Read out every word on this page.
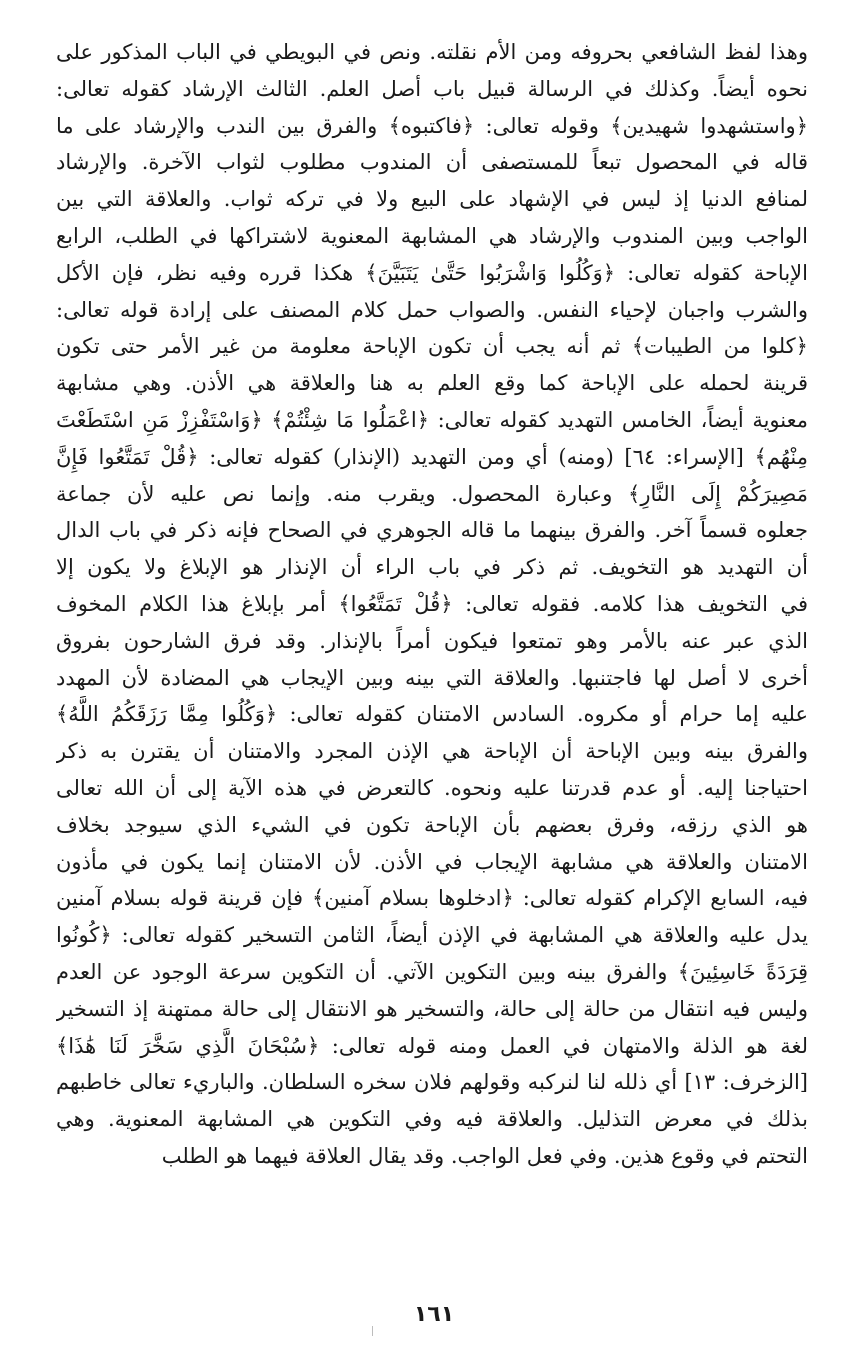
وهذا لفظ الشافعي بحروفه ومن الأم نقلته. ونص في البويطي في الباب المذكور على
نحوه أيضاً. وكذلك في الرسالة قبيل باب أصل العلم. الثالث الإرشاد كقوله تعالى:
﴿واستشهدوا شهيدين﴾ وقوله تعالى: ﴿فاكتبوه﴾ والفرق بين الندب والإرشاد على ما
قاله في المحصول تبعاً للمستصفى أن المندوب مطلوب لثواب الآخرة. والإرشاد
لمنافع الدنيا إذ ليس في الإشهاد على البيع ولا في تركه ثواب. والعلاقة التي بين
الواجب وبين المندوب والإرشاد هي المشابهة المعنوية لاشتراكها في الطلب، الرابع
الإباحة كقوله تعالى: ﴿وَكُلُوا وَاشْرَبُوا حَتَّىٰ يَتَبَيَّنَ﴾ هكذا قرره وفيه نظر، فإن الأكل
والشرب واجبان لإحياء النفس. والصواب حمل كلام المصنف على إرادة قوله تعالى:
﴿كلوا من الطيبات﴾ ثم أنه يجب أن تكون الإباحة معلومة من غير الأمر حتى تكون
قرينة لحمله على الإباحة كما وقع العلم به هنا والعلاقة هي الأذن. وهي مشابهة
معنوية أيضاً، الخامس التهديد كقوله تعالى: ﴿اعْمَلُوا مَا شِئْتُمْ﴾ ﴿وَاسْتَفْزِزْ مَنِ اسْتَطَعْتَ
مِنْهُم﴾ [الإسراء: ٦٤] (ومنه) أي ومن التهديد (الإنذار) كقوله تعالى: ﴿قُلْ تَمَتَّعُوا فَإِنَّ
مَصِيرَكُمْ إِلَى النَّارِ﴾ وعبارة المحصول. ويقرب منه. وإنما نص عليه لأن جماعة
جعلوه قسماً آخر. والفرق بينهما ما قاله الجوهري في الصحاح فإنه ذكر في باب الدال
أن التهديد هو التخويف. ثم ذكر في باب الراء أن الإنذار هو الإبلاغ ولا يكون إلا
في التخويف هذا كلامه. فقوله تعالى: ﴿قُلْ تَمَتَّعُوا﴾ أمر بإبلاغ هذا الكلام المخوف
الذي عبر عنه بالأمر وهو تمتعوا فيكون أمراً بالإنذار. وقد فرق الشارحون بفروق
أخرى لا أصل لها فاجتنبها. والعلاقة التي بينه وبين الإيجاب هي المضادة لأن المهدد
عليه إما حرام أو مكروه. السادس الامتنان كقوله تعالى: ﴿وَكُلُوا مِمَّا رَزَقَكُمُ اللَّهُ﴾
والفرق بينه وبين الإباحة أن الإباحة هي الإذن المجرد والامتنان أن يقترن به ذكر
احتياجنا إليه. أو عدم قدرتنا عليه ونحوه. كالتعرض في هذه الآية إلى أن الله تعالى
هو الذي رزقه، وفرق بعضهم بأن الإباحة تكون في الشيء الذي سيوجد بخلاف
الامتنان والعلاقة هي مشابهة الإيجاب في الأذن. لأن الامتنان إنما يكون في مأذون
فيه، السابع الإكرام كقوله تعالى: ﴿ادخلوها بسلام آمنين﴾ فإن قرينة قوله بسلام آمنين
يدل عليه والعلاقة هي المشابهة في الإذن أيضاً، الثامن التسخير كقوله تعالى: ﴿كُونُوا
قِرَدَةً خَاسِئِينَ﴾ والفرق بينه وبين التكوين الآتي. أن التكوين سرعة الوجود عن العدم
وليس فيه انتقال من حالة إلى حالة، والتسخير هو الانتقال إلى حالة ممتهنة إذ التسخير
لغة هو الذلة والامتهان في العمل ومنه قوله تعالى: ﴿سُبْحَانَ الَّذِي سَخَّرَ لَنَا هَٰذَا﴾
[الزخرف: ١٣] أي ذلله لنا لنركبه وقولهم فلان سخره السلطان. والباريء تعالى خاطبهم
بذلك في معرض التذليل. والعلاقة فيه وفي التكوين هي المشابهة المعنوية. وهي
التحتم في وقوع هذين. وفي فعل الواجب. وقد يقال العلاقة فيهما هو الطلب
١٦١
